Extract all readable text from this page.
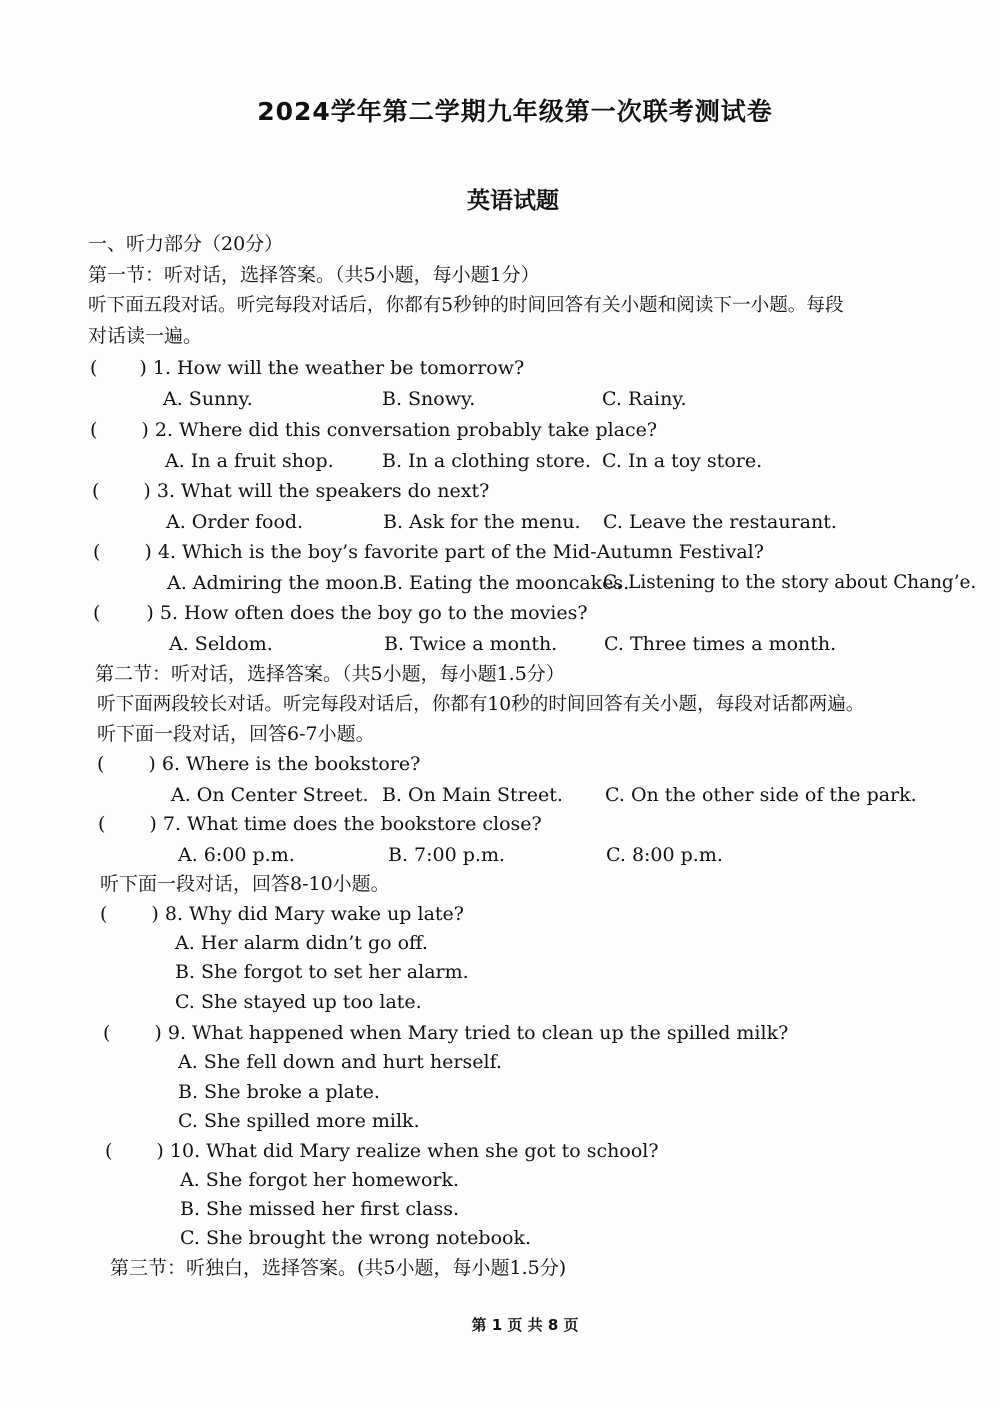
2024学年第二学期九年级第一次联考测试卷
英语试题
一、听力部分（20分）
第一节：听对话，选择答案。（共5小题，每小题1分）
听下面五段对话。听完每段对话后，你都有5秒钟的时间回答有关小题和阅读下一小题。每段
对话读一遍。
( ) 1. How will the weather be tomorrow?
A. Sunny.	B. Snowy.	C. Rainy.
( ) 2. Where did this conversation probably take place?
A. In a fruit shop.	B. In a clothing store. C. In a toy store.
( ) 3. What will the speakers do next?
A. Order food.	B. Ask for the menu. C. Leave the restaurant.
( ) 4. Which is the boy’s favorite part of the Mid-Autumn Festival?
A. Admiring the moon.
B. Eating the mooncakes.
C. Listening to the story about Chang’e.
( ) 5. How often does the boy go to the movies?
A. Seldom.	B. Twice a month. C. Three times a month.
第二节：听对话，选择答案。（共5小题，每小题1.5分）
听下面两段较长对话。听完每段对话后，你都有10秒的时间回答有关小题，每段对话都两遍。
听下面一段对话，回答6-7小题。
( ) 6. Where is the bookstore?
A. On Center Street. B. On Main Street. C. On the other side of the park.
( ) 7. What time does the bookstore close?
A. 6:00 p.m.	B. 7:00 p.m.	C. 8:00 p.m.
听下面一段对话，回答8-10小题。
( ) 8. Why did Mary wake up late?
A. Her alarm didn’t go off.
B. She forgot to set her alarm.
C. She stayed up too late.
( ) 9. What happened when Mary tried to clean up the spilled milk?
A. She fell down and hurt herself.
B. She broke a plate.
C. She spilled more milk.
( ) 10. What did Mary realize when she got to school?
A. She forgot her homework.
B. She missed her first class.
C. She brought the wrong notebook.
第三节：听独白，选择答案。(共5小题，每小题1.5分)
第 1 页 共 8 页
